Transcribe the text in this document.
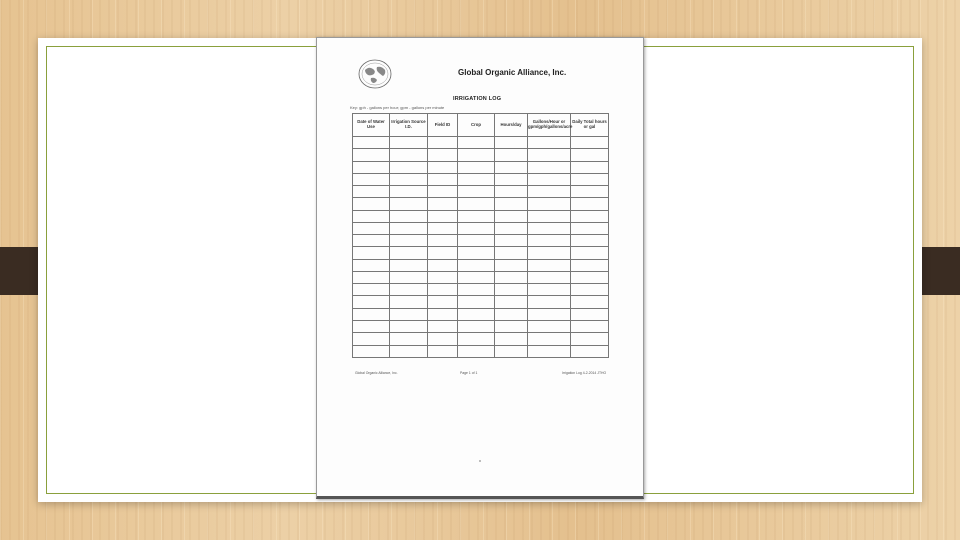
Global Organic Alliance, Inc.
IRRIGATION LOG
Key: gph - gallons per hour; gpm - gallons per minute
Date of Water Use	Irrigation Source I.D.	Field ID	Crop	Hours/day	Gallons/Hour or gpm/gph/gallons/acre	Daily Total hours or gal

Global Organic Alliance, Inc.	Page 1 of 1	Irrigation Log 4-2-2014 JTHO
